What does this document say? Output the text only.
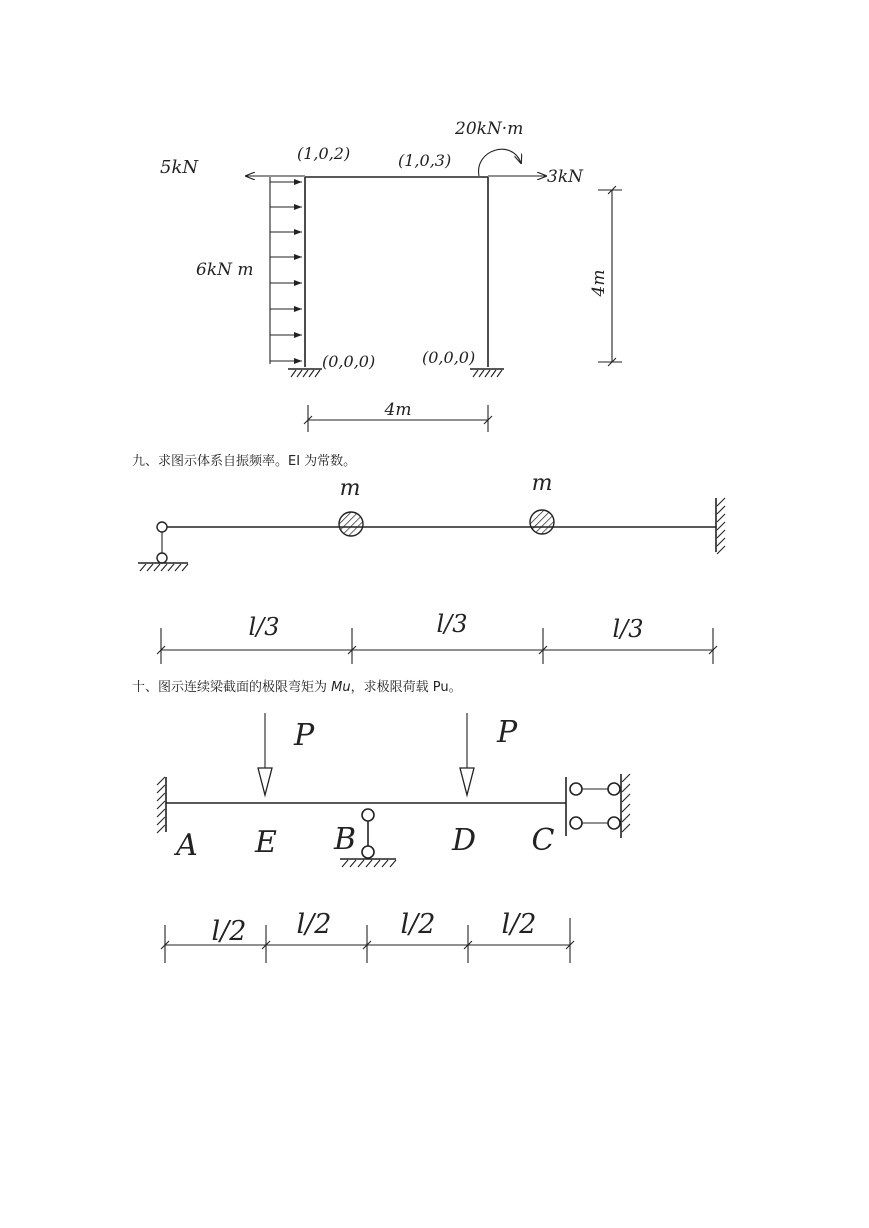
5kN
(1,0,2)	(1,0,3)
20kN·m
3kN
6kN m
(0,0,0)	(0,0,0)
4m
4m
m	m
l/3	l/3	l/3
P	P
A E B	D C
l/2 l/2	l/2 l/2
九、求图示体系自振频率。EI 为常数。
十、图示连续梁截面的极限弯矩为 Mu，求极限荷载 Pu。
